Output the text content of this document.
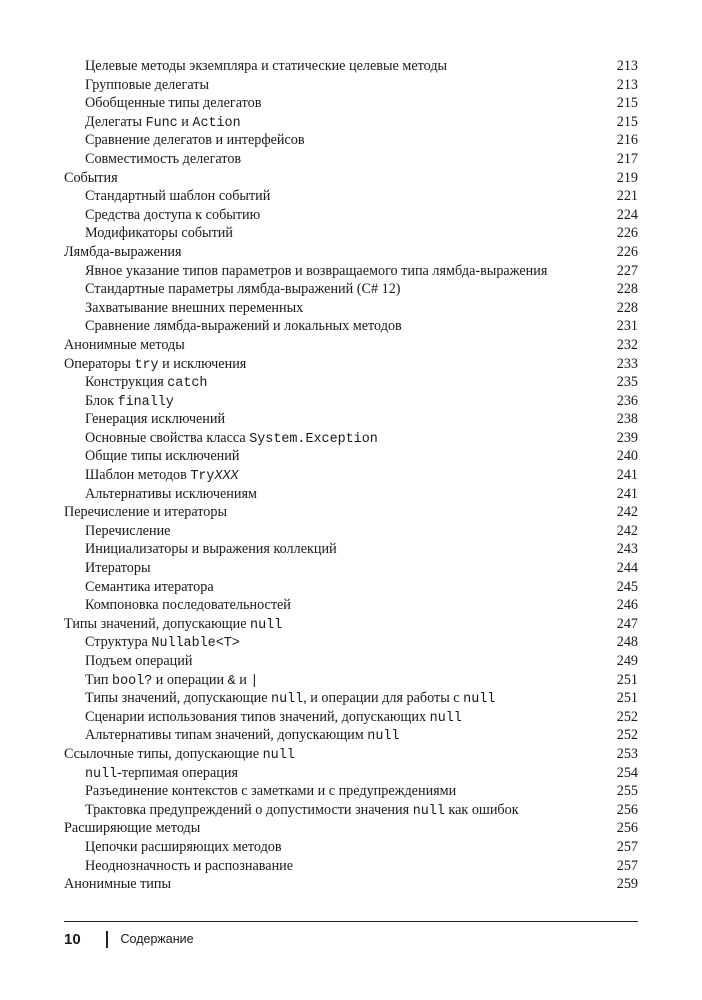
Целевые методы экземпляра и статические целевые методы	213
Групповые делегаты	213
Обобщенные типы делегатов	215
Делегаты Func и Action	215
Сравнение делегатов и интерфейсов	216
Совместимость делегатов	217
События	219
Стандартный шаблон событий	221
Средства доступа к событию	224
Модификаторы событий	226
Лямбда-выражения	226
Явное указание типов параметров и возвращаемого типа лямбда-выражения	227
Стандартные параметры лямбда-выражений (C# 12)	228
Захватывание внешних переменных	228
Сравнение лямбда-выражений и локальных методов	231
Анонимные методы	232
Операторы try и исключения	233
Конструкция catch	235
Блок finally	236
Генерация исключений	238
Основные свойства класса System.Exception	239
Общие типы исключений	240
Шаблон методов TryXXX	241
Альтернативы исключениям	241
Перечисление и итераторы	242
Перечисление	242
Инициализаторы и выражения коллекций	243
Итераторы	244
Семантика итератора	245
Компоновка последовательностей	246
Типы значений, допускающие null	247
Структура Nullable<T>	248
Подъем операций	249
Тип bool? и операции & и |	251
Типы значений, допускающие null, и операции для работы с null	251
Сценарии использования типов значений, допускающих null	252
Альтернативы типам значений, допускающим null	252
Ссылочные типы, допускающие null	253
null-терпимая операция	254
Разъединение контекстов с заметками и с предупреждениями	255
Трактовка предупреждений о допустимости значения null как ошибок	256
Расширяющие методы	256
Цепочки расширяющих методов	257
Неоднозначность и распознавание	257
Анонимные типы	259
10	Содержание
